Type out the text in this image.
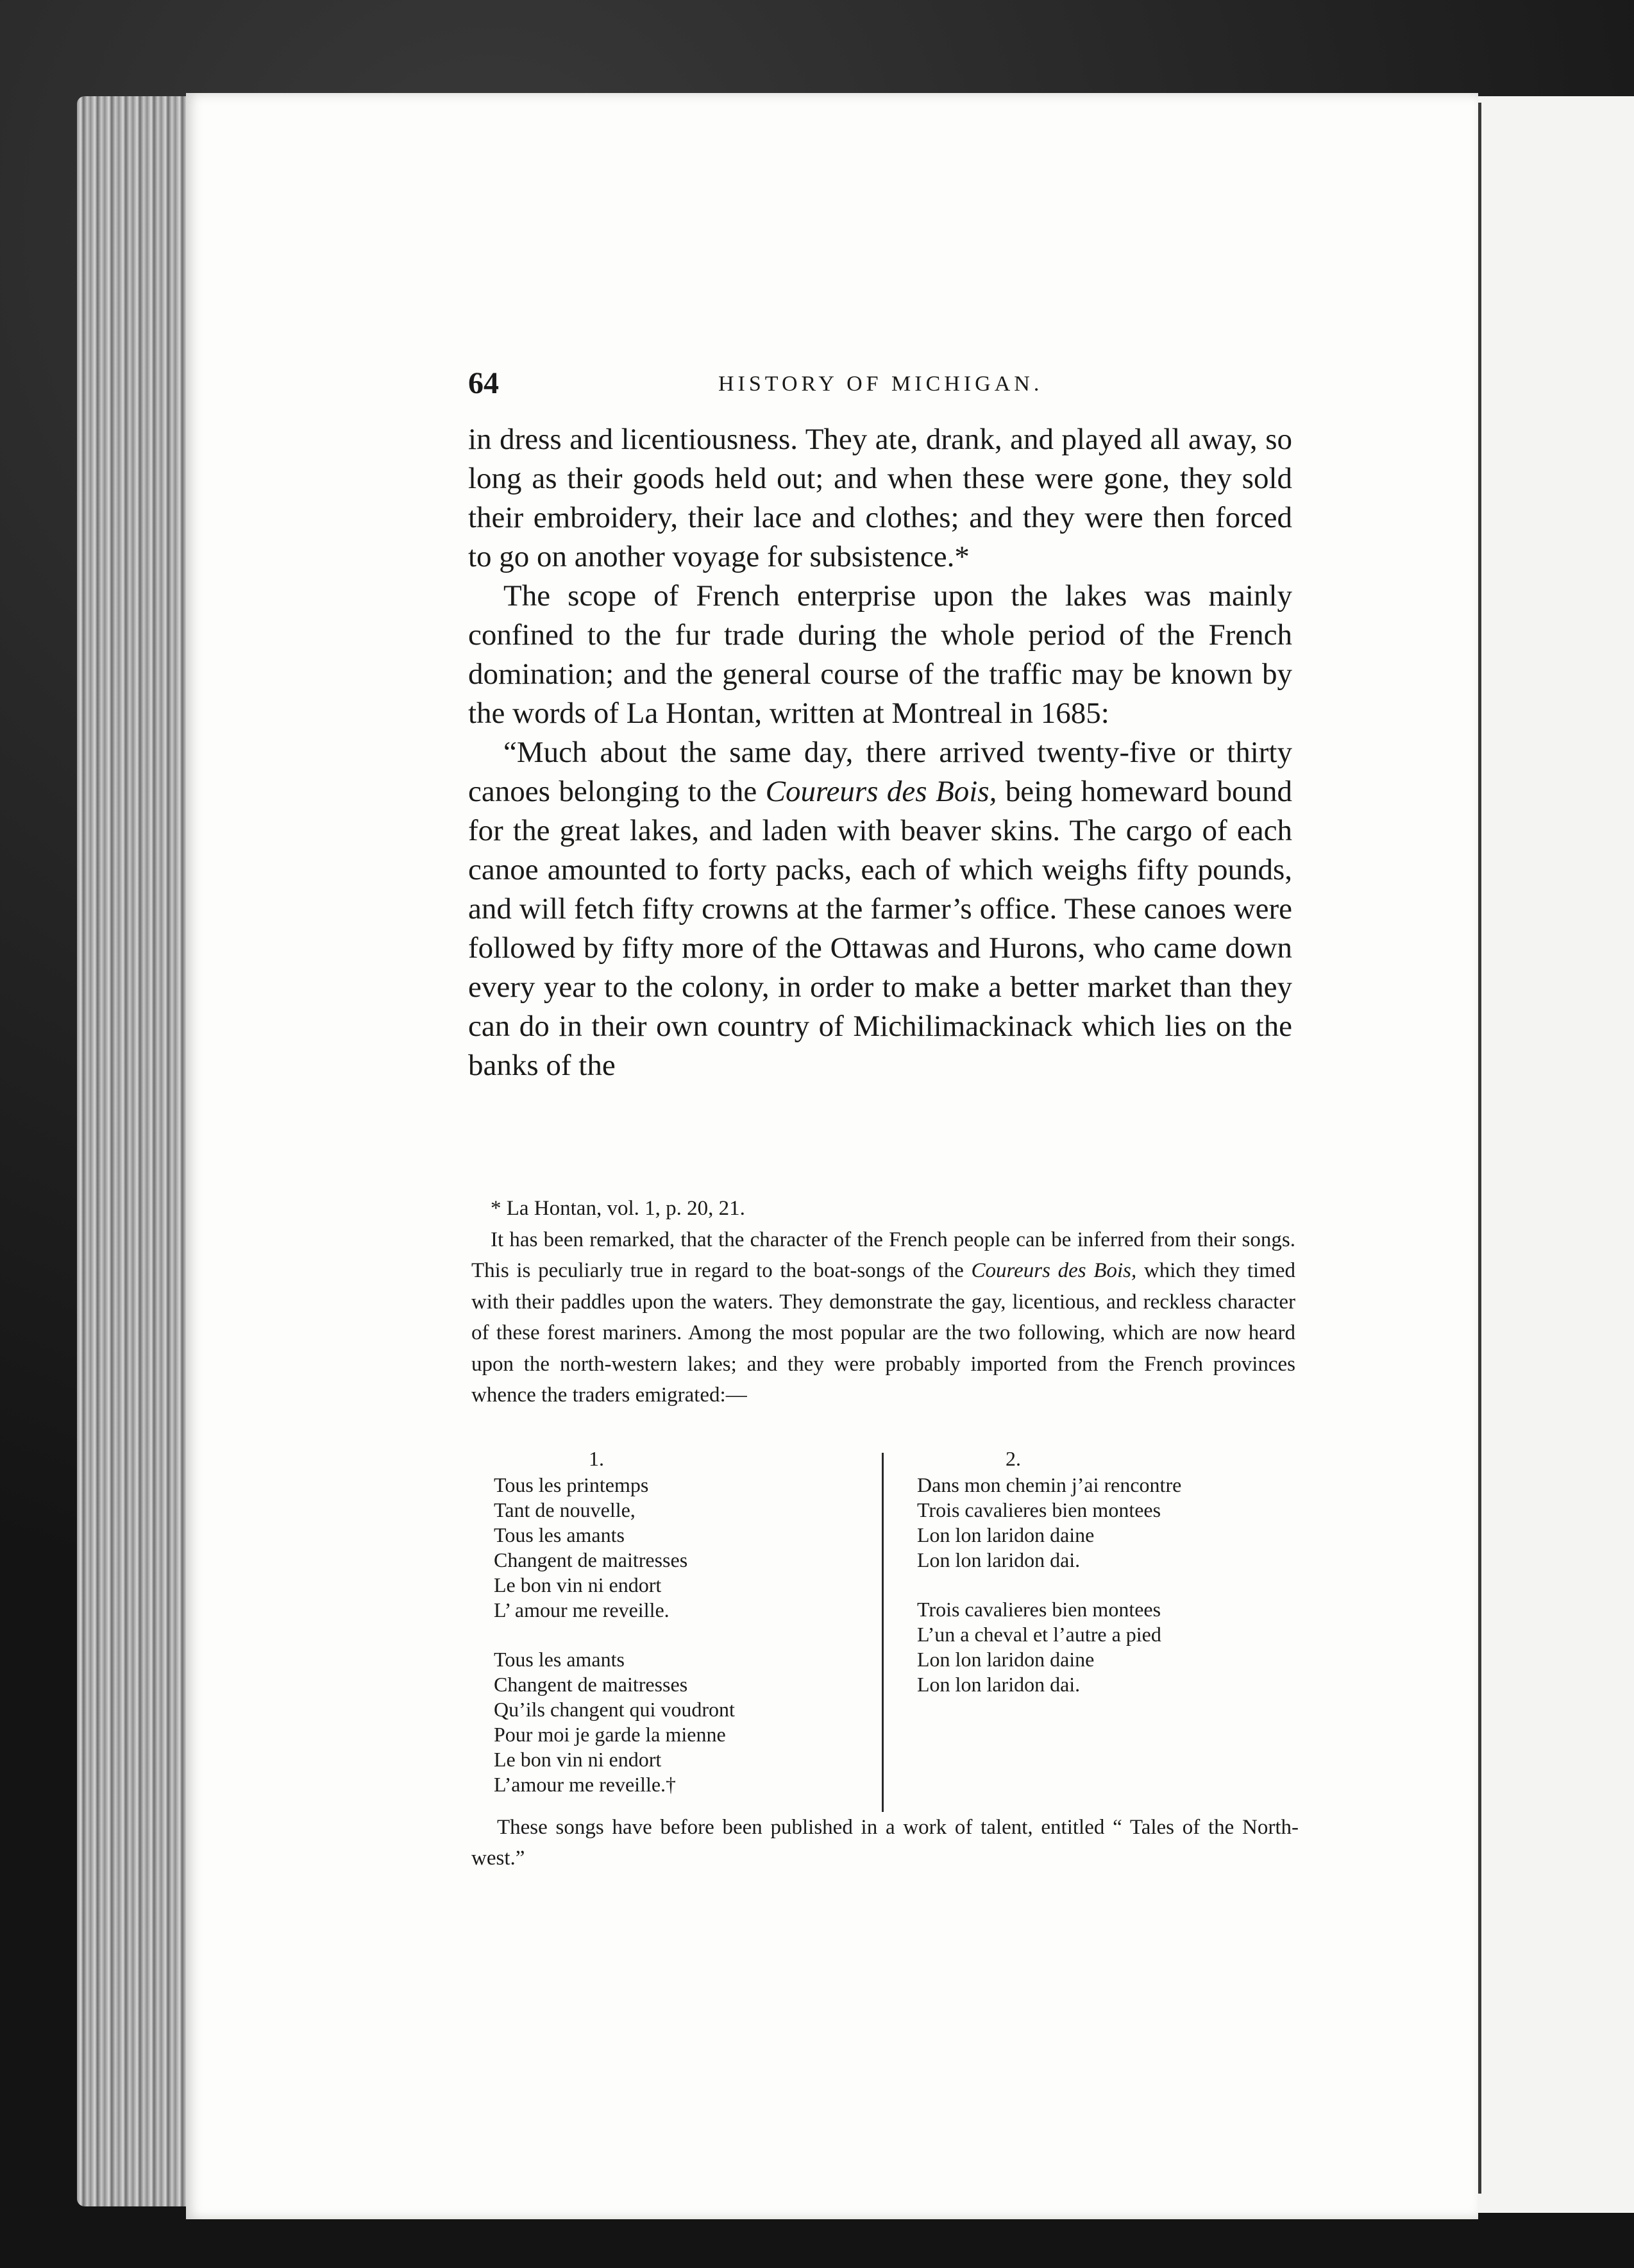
64	HISTORY OF MICHIGAN.

in dress and licentiousness. They ate, drank, and played all away, so long as their goods held out; and when these were gone, they sold their embroidery, their lace and clothes; and they were then forced to go on another voyage for subsistence.*

The scope of French enterprise upon the lakes was mainly confined to the fur trade during the whole period of the French domination; and the general course of the traffic may be known by the words of La Hontan, written at Montreal in 1685:

“Much about the same day, there arrived twenty-five or thirty canoes belonging to the Coureurs des Bois, being homeward bound for the great lakes, and laden with beaver skins. The cargo of each canoe amounted to forty packs, each of which weighs fifty pounds, and will fetch fifty crowns at the farmer’s office. These canoes were followed by fifty more of the Ottawas and Hurons, who came down every year to the colony, in order to make a better market than they can do in their own country of Michilimackinack which lies on the banks of the

* La Hontan, vol. 1, p. 20, 21.

It has been remarked, that the character of the French people can be inferred from their songs. This is peculiarly true in regard to the boat-songs of the Coureurs des Bois, which they timed with their paddles upon the waters. They demonstrate the gay, licentious, and reckless character of these forest mariners. Among the most popular are the two following, which are now heard upon the north-western lakes; and they were probably imported from the French provinces whence the traders emigrated:—

1.
Tous les printemps
Tant de nouvelle,
Tous les amants
Changent de maitresses
Le bon vin ni endort
L’ amour me reveille.
Tous les amants
Changent de maitresses
Qu’ils changent qui voudront
Pour moi je garde la mienne
Le bon vin ni endort
L’amour me reveille.†
2.
Dans mon chemin j’ai rencontre
Trois cavalieres bien montees
Lon lon laridon daine
Lon lon laridon dai.
Trois cavalieres bien montees
L’un a cheval et l’autre a pied
Lon lon laridon daine
Lon lon laridon dai.

These songs have before been published in a work of talent, entitled “ Tales of the North-west.”
